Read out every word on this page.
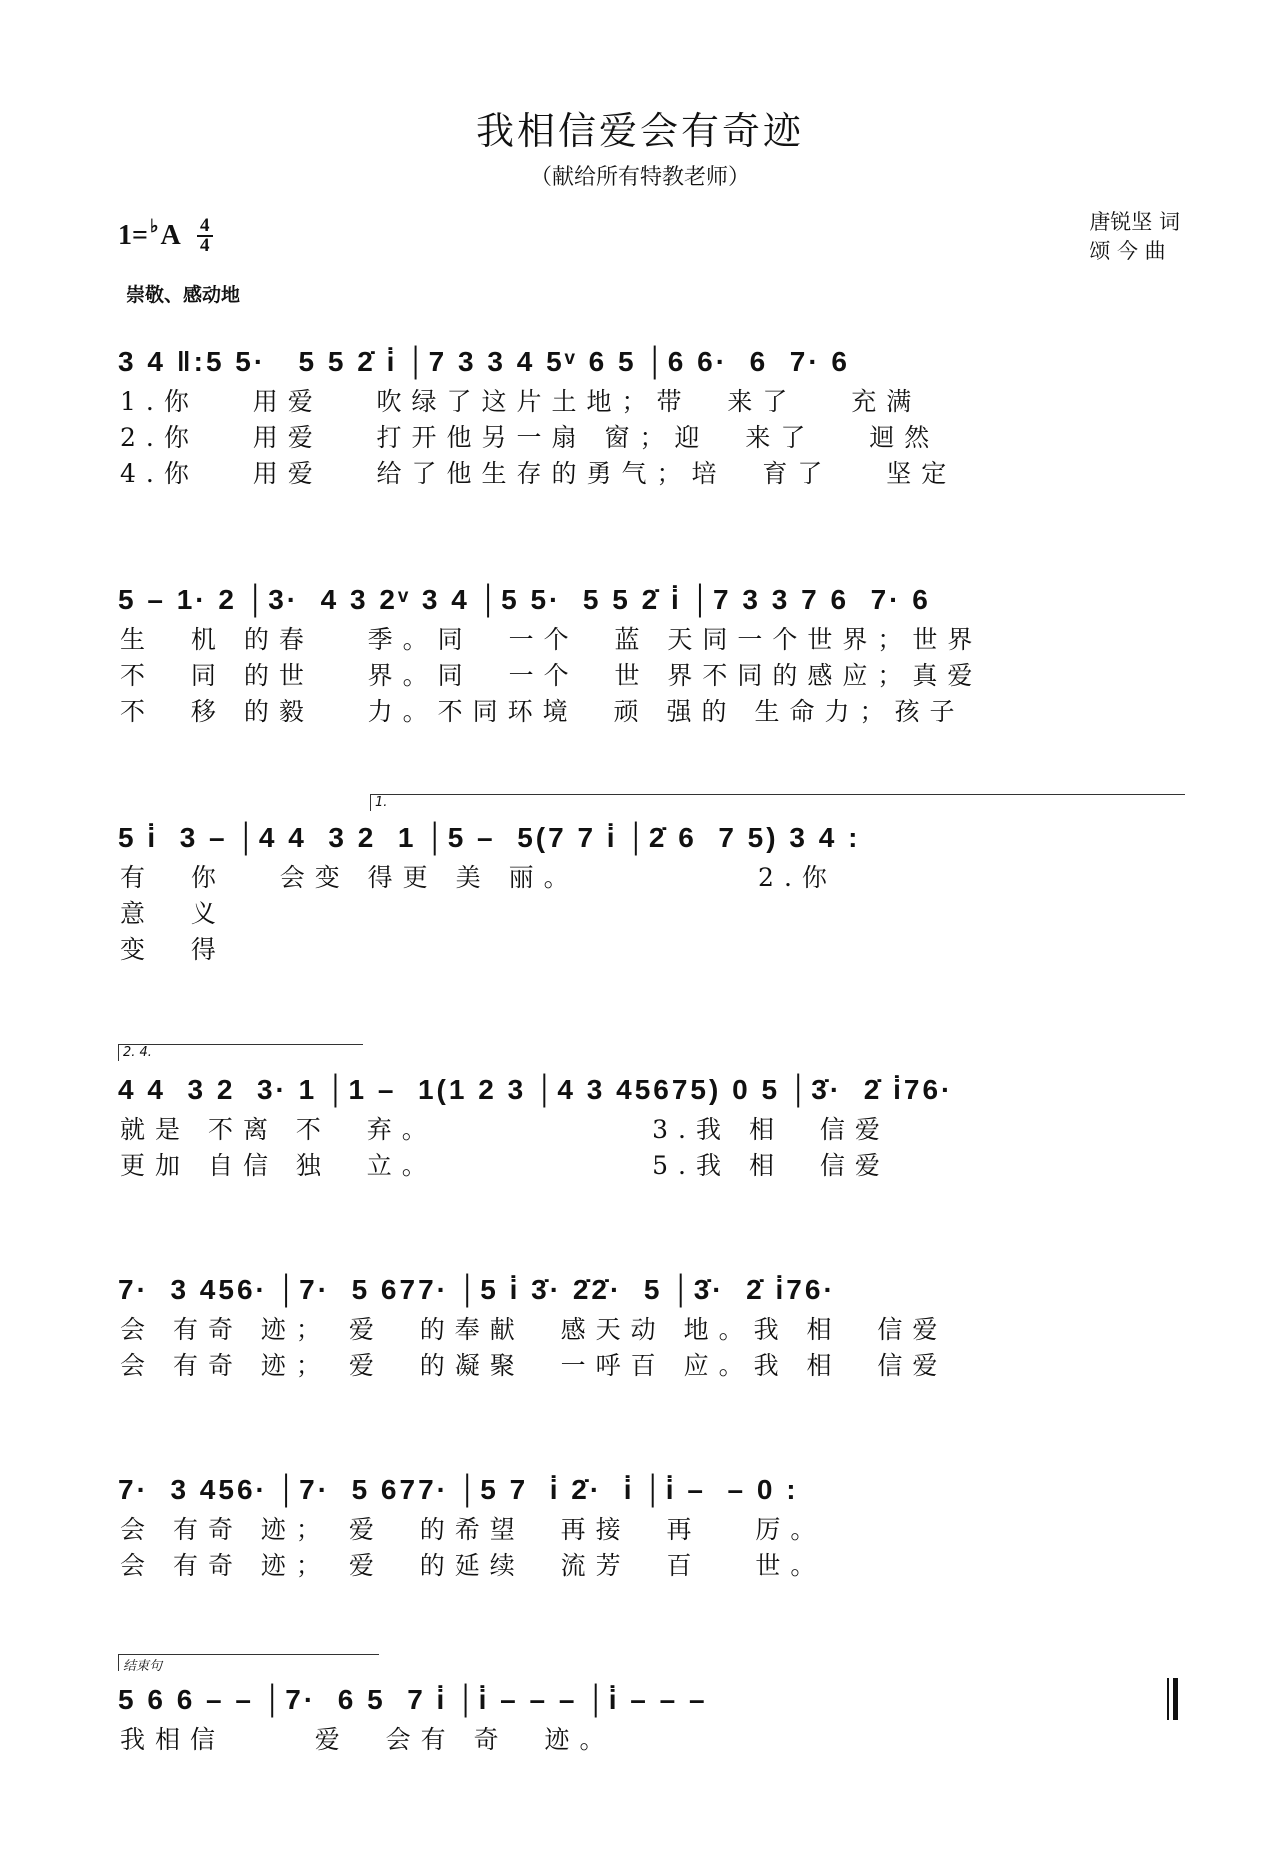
我相信爱会有奇迹
（献给所有特教老师）
唐锐坚 词
颂 今 曲
1= ♭ A 4
4
崇敬、感动地
3 4 ‖:5 5·   5 5 2̇ i̇ │7 3 3 4 5ᵛ 6 5 │6 6·  6  7· 6
1.你   用爱   吹绿了这片土地；带  来了   充满
2.你   用爱   打开他另一扇 窗；迎  来了   迴然
4.你   用爱   给了他生存的勇气；培  育了   坚定
5 – 1· 2 │3·  4 3 2ᵛ 3 4 │5 5·  5 5 2̇ i̇ │7 3 3 7 6  7· 6
生  机 的春   季。同  一个  蓝 天同一个世界；世界
不  同 的世   界。同  一个  世 界不同的感应；真爱
不  移 的毅   力。不同环境  顽 强的 生命力；孩子
1.
5 i̇  3 – │4 4  3 2  1 │5 –  5(7 7 i̇ │2̇ 6  7 5) 3 4 :
有  你   会变 得更 美 丽。          2.你
意  义
变  得
2. 4.
4 4  3 2  3· 1 │1 –  1(1 2 3 │4 3 45675) 0 5 │3̇·  2̇ i̇76·
就是 不离 不  弃。            3.我 相  信爱
更加 自信 独  立。            5.我 相  信爱
7·  3 456· │7·  5 677· │5 i̇ 3̇· 2̇2̇·  5 │3̇·  2̇ i̇76·
会 有奇 迹； 爱  的奉献  感天动 地。我 相  信爱
会 有奇 迹； 爱  的凝聚  一呼百 应。我 相  信爱
7·  3 456· │7·  5 677· │5 7  i̇ 2̇·  i̇ │i̇ –  – 0 :
会 有奇 迹； 爱  的希望  再接  再   厉。
会 有奇 迹； 爱  的延续  流芳  百   世。
结束句
5 6 6 – – │7·  6 5  7 i̇ │i̇ – – – │i̇ – – –
我相信     爱  会有 奇  迹。
